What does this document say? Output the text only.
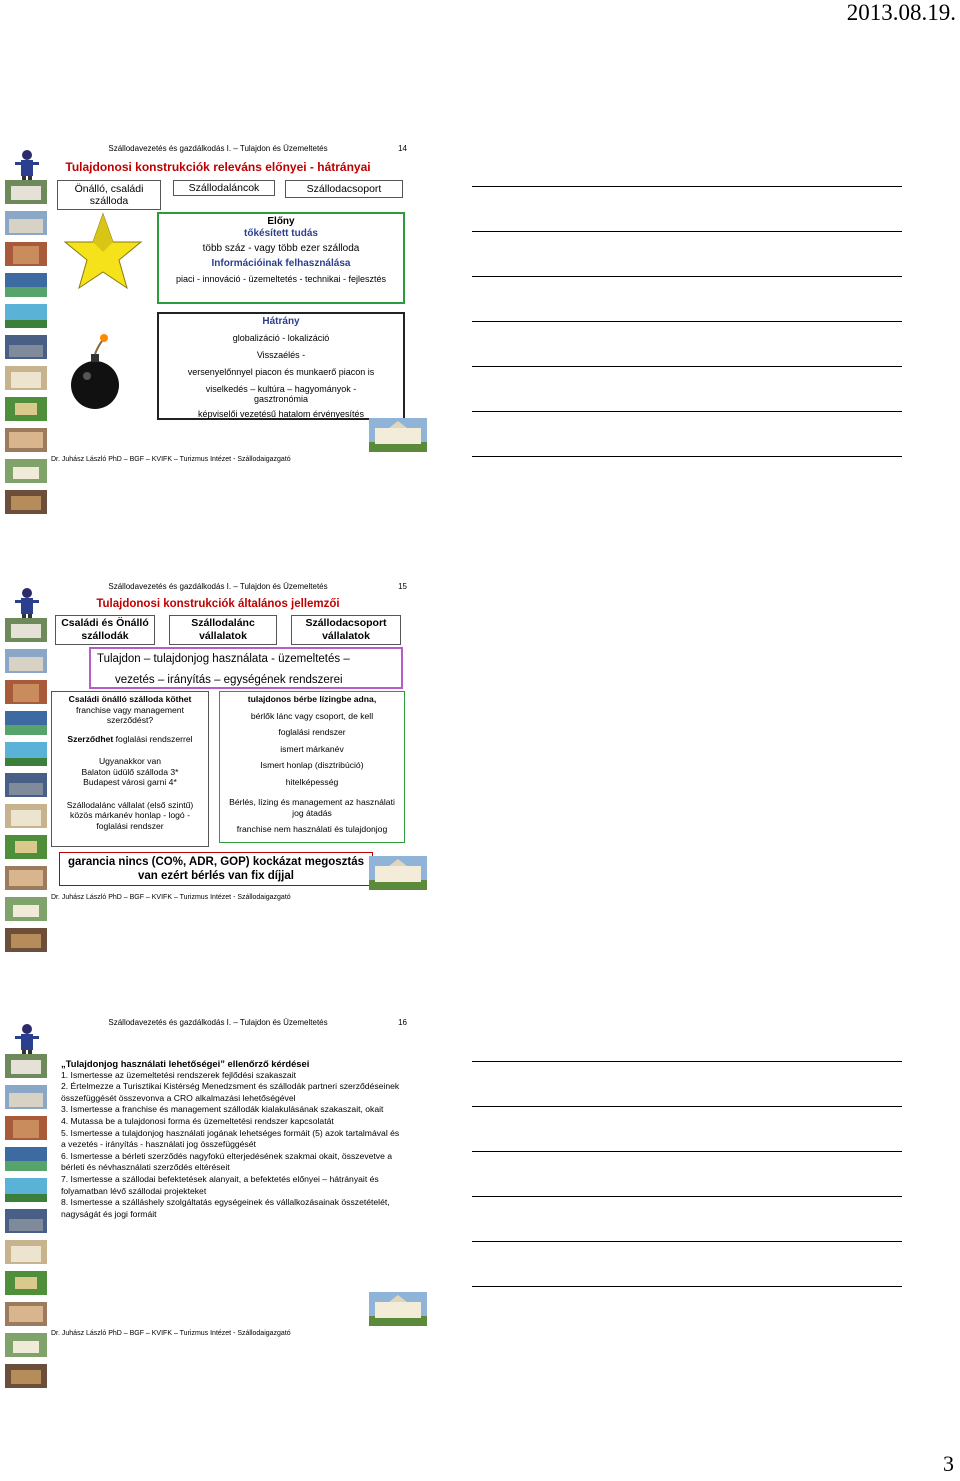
2013.08.19.
Szállodavezetés és gazdálkodás I. – Tulajdon és Üzemeltetés	14

Tulajdonosi konstrukciók releváns előnyei - hátrányai
Önálló, családi szálloda
Szállodaláncok	Szállodacsoport
Előny
tőkésített tudás
több száz - vagy több ezer szálloda
Információinak felhasználása
piaci - innováció - üzemeltetés - technikai - fejlesztés
Hátrány
globalizáció - lokalizáció
Visszaélés -
versenyelőnnyel piacon és munkaerő piacon is
viselkedés – kultúra – hagyományok - gasztronómia
képviselői vezetésű hatalom érvényesítés
Dr. Juhász László PhD – BGF – KVIFK – Turizmus Intézet - Szállodaigazgató
Szállodavezetés és gazdálkodás I. – Tulajdon és Üzemeltetés	15

Tulajdonosi konstrukciók általános jellemzői
Családi és Önálló szállodák
Szállodalánc vállalatok
Szállodacsoport vállalatok
Tulajdon – tulajdonjog használata - üzemeltetés –
vezetés – irányítás – egységének rendszerei
Családi önálló szálloda köthet
franchise vagy management szerződést?
Szerződhet foglalási rendszerrel
Ugyanakkor van
Balaton üdülő szálloda 3*
Budapest városi garni 4*
Szállodalánc vállalat (első szintű) közös márkanév honlap - logó - foglalási rendszer
tulajdonos bérbe lízingbe adna,
bérlők lánc vagy csoport, de kell
foglalási rendszer
ismert márkanév
Ismert honlap (disztribúció)
hitelképesség
Bérlés, lízing és management az használati jog átadás
franchise nem használati és tulajdonjog
garancia nincs (CO%, ADR, GOP) kockázat megosztás
van ezért bérlés van fix díjjal
Dr. Juhász László PhD – BGF – KVIFK – Turizmus Intézet - Szállodaigazgató
Szállodavezetés és gazdálkodás I. – Tulajdon és Üzemeltetés	16

„Tulajdonjog használati lehetőségei” ellenőrző kérdései
1. Ismertesse az üzemeltetési rendszerek fejlődési szakaszait
2. Értelmezze a Turisztikai Kistérség Menedzsment és szállodák partneri szerződéseinek összefüggését összevonva a CRO alkalmazási lehetőségével
3. Ismertesse a franchise és management szállodák kialakulásának szakaszait, okait
4. Mutassa be a tulajdonosi forma és üzemeltetési rendszer kapcsolatát
5. Ismertesse a tulajdonjog használati jogának lehetséges formáit (5) azok tartalmával és a vezetés - irányítás - használati jog összefüggését
6. Ismertesse a bérleti szerződés nagyfokú elterjedésének szakmai okait, összevetve a bérleti és névhasználati szerződés eltéréseit
7. Ismertesse a szállodai befektetések alanyait, a befektetés előnyei – hátrányait és folyamatban lévő szállodai projekteket
8. Ismertesse a szálláshely szolgáltatás egységeinek és vállalkozásainak összetételét, nagyságát és jogi formáit
Dr. Juhász László PhD – BGF – KVIFK – Turizmus Intézet - Szállodaigazgató
3
